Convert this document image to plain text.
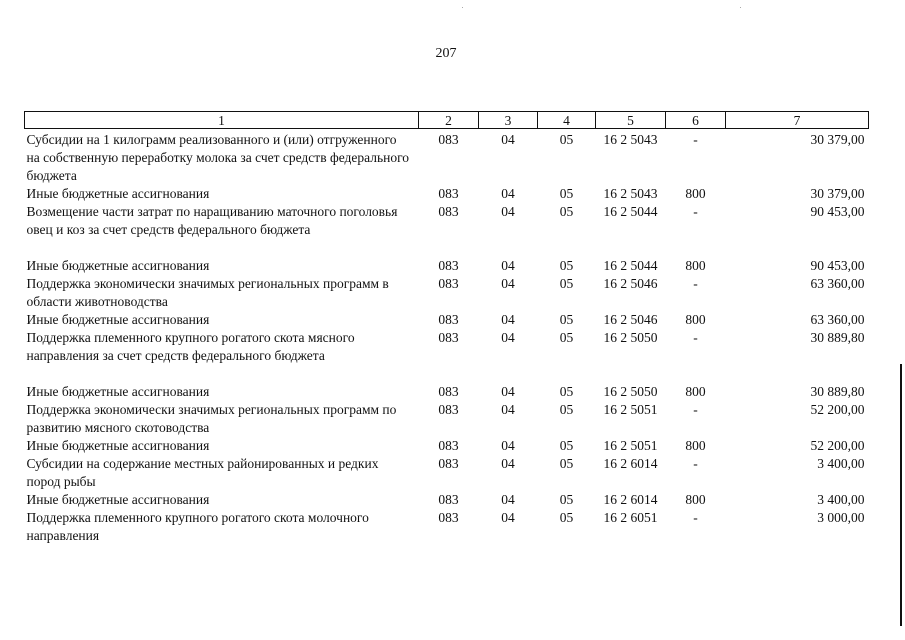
207
1	2	3	4	5	6	7
Субсидии на 1 килограмм реализованного и (или) отгруженного на собственную переработку молока за счет средств федерального бюджета	083	04	05	16 2 5043	-	30 379,00
Иные бюджетные ассигнования	083	04	05	16 2 5043	800	30 379,00
Возмещение части затрат по наращиванию маточного поголовья овец и коз за счет средств федерального бюджета	083	04	05	16 2 5044	-	90 453,00
Иные бюджетные ассигнования	083	04	05	16 2 5044	800	90 453,00
Поддержка экономически значимых региональных программ в области животноводства	083	04	05	16 2 5046	-	63 360,00
Иные бюджетные ассигнования	083	04	05	16 2 5046	800	63 360,00
Поддержка племенного крупного рогатого скота мясного направления за счет средств федерального бюджета	083	04	05	16 2 5050	-	30 889,80
Иные бюджетные ассигнования	083	04	05	16 2 5050	800	30 889,80
Поддержка экономически значимых региональных программ по развитию мясного скотоводства	083	04	05	16 2 5051	-	52 200,00
Иные бюджетные ассигнования	083	04	05	16 2 5051	800	52 200,00
Субсидии на содержание местных районированных и редких пород рыбы	083	04	05	16 2 6014	-	3 400,00
Иные бюджетные ассигнования	083	04	05	16 2 6014	800	3 400,00
Поддержка племенного крупного рогатого скота молочного направления	083	04	05	16 2 6051	-	3 000,00
